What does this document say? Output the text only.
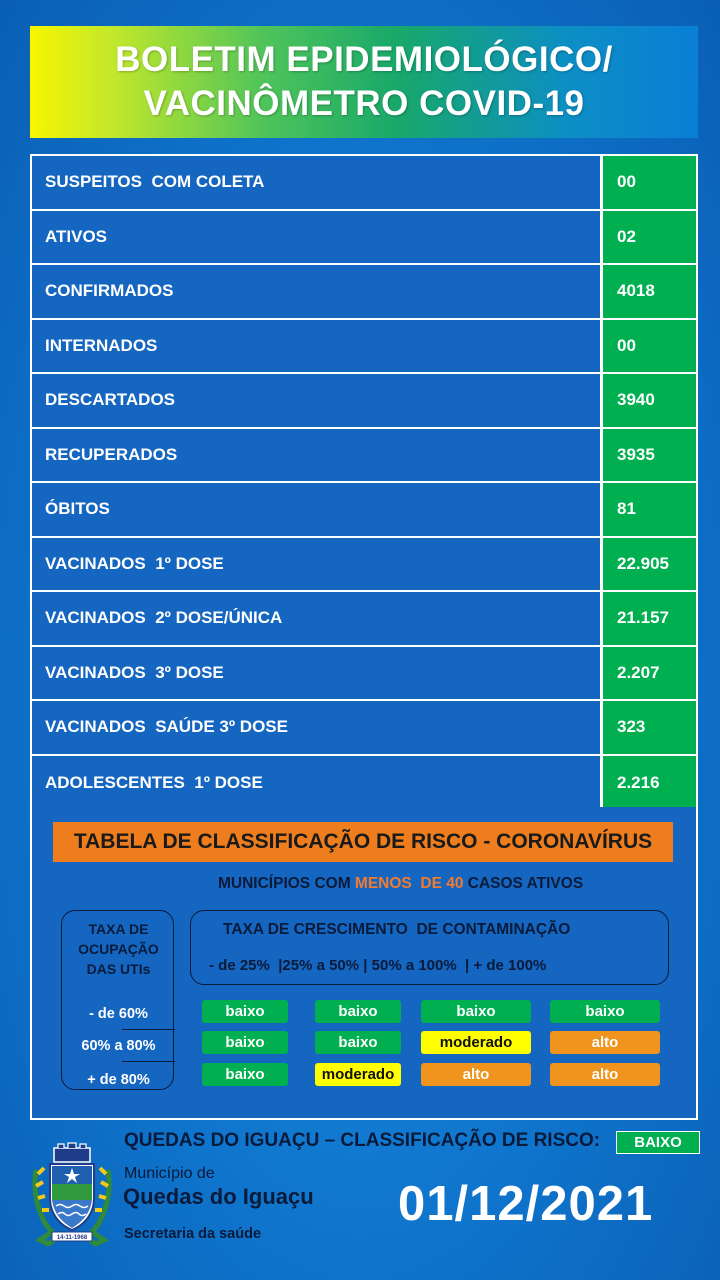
BOLETIM EPIDEMIOLÓGICO/
VACINÔMETRO COVID-19
SUSPEITOS  COM COLETA	00
ATIVOS	02
CONFIRMADOS	4018
INTERNADOS	00
DESCARTADOS	3940
RECUPERADOS	3935
ÓBITOS	81
VACINADOS  1º DOSE	22.905
VACINADOS  2º DOSE/ÚNICA	21.157
VACINADOS  3º DOSE	2.207
VACINADOS  SAÚDE 3º DOSE	323
ADOLESCENTES  1º DOSE	2.216
TABELA DE CLASSIFICAÇÃO DE RISCO - CORONAVÍRUS
MUNICÍPIOS COM MENOS  DE 40 CASOS ATIVOS
TAXA DE
OCUPAÇÃO
DAS UTIs
- de 60%
60% a 80%
+ de 80%
TAXA DE CRESCIMENTO  DE CONTAMINAÇÃO
- de 25%  |25% a 50% | 50% a 100%  | + de 100%
baixo	baixo	baixo	baixo
baixo	baixo	moderado	alto
baixo	moderado	alto	alto
QUEDAS DO IGUAÇU – CLASSIFICAÇÃO DE RISCO:	BAIXO
14-11-1968
Município de
Quedas do Iguaçu
Secretaria da saúde
01/12/2021
